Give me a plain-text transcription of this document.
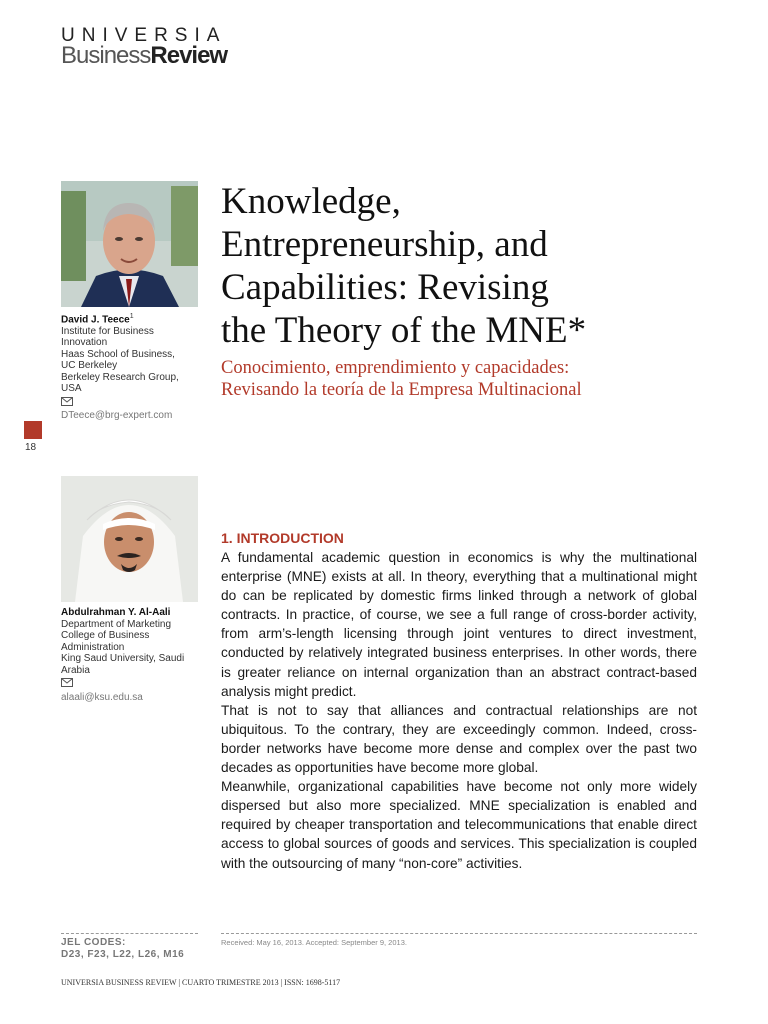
UNIVERSIA
BusinessReview
David J. Teece$^1$
Institute for Business
Innovation
Haas School of Business,
UC Berkeley
Berkeley Research Group,
USA
DTeece@brg-expert.com
18
Abdulrahman Y. Al-Aali
Department of Marketing
College of Business
Administration
King Saud University, Saudi
Arabia
alaali@ksu.edu.sa
Knowledge,
Entrepreneurship, and
Capabilities: Revising
the Theory of the MNE*
Conocimiento, emprendimiento y capacidades:
Revisando la teoría de la Empresa Multinacional
1. INTRODUCTION

A fundamental academic question in economics is why the multinational enterprise (MNE) exists at all. In theory, everything that a multinational might do can be replicated by domestic firms linked through a network of global contracts. In practice, of course, we see a full range of cross-border activity, from arm’s-length licensing through joint ventures to direct investment, conducted by relatively integrated business enterprises. In other words, there is greater reliance on internal organization than an abstract contract-based analysis might predict.

That is not to say that alliances and contractual relationships are not ubiquitous. To the contrary, they are exceedingly common. Indeed, cross-border networks have become more dense and complex over the past two decades as opportunities have become more global.

Meanwhile, organizational capabilities have become not only more widely dispersed but also more specialized. MNE specialization is enabled and required by cheaper transportation and telecommunications that enable direct access to global sources of goods and services. This specialization is coupled with the outsourcing of many “non-core” activities.

JEL CODES:
D23, F23, L22, L26, M16
Received: May 16, 2013. Accepted: September 9, 2013.
UNIVERSIA BUSINESS REVIEW | CUARTO TRIMESTRE 2013 | ISSN: 1698-5117
